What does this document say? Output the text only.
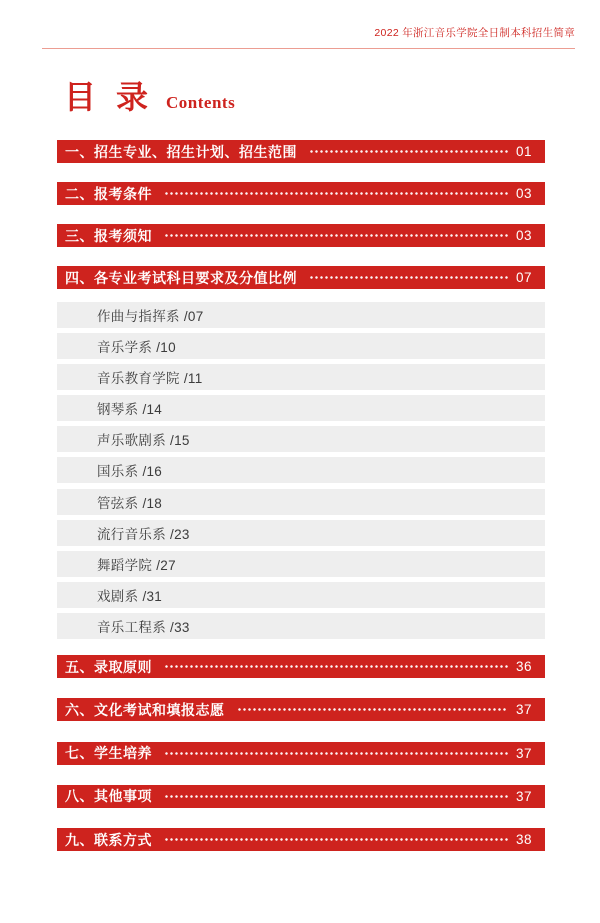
2022 年浙江音乐学院全日制本科招生简章
目 录 Contents
一、招生专业、招生计划、招生范围	01
二、报考条件	03
三、报考须知	03
四、各专业考试科目要求及分值比例	07
作曲与指挥系 /07
音乐学系 /10
音乐教育学院 /11
钢琴系 /14
声乐歌剧系 /15
国乐系 /16
管弦系 /18
流行音乐系 /23
舞蹈学院 /27
戏剧系 /31
音乐工程系 /33
五、录取原则	36
六、文化考试和填报志愿	37
七、学生培养	37
八、其他事项	37
九、联系方式	38
